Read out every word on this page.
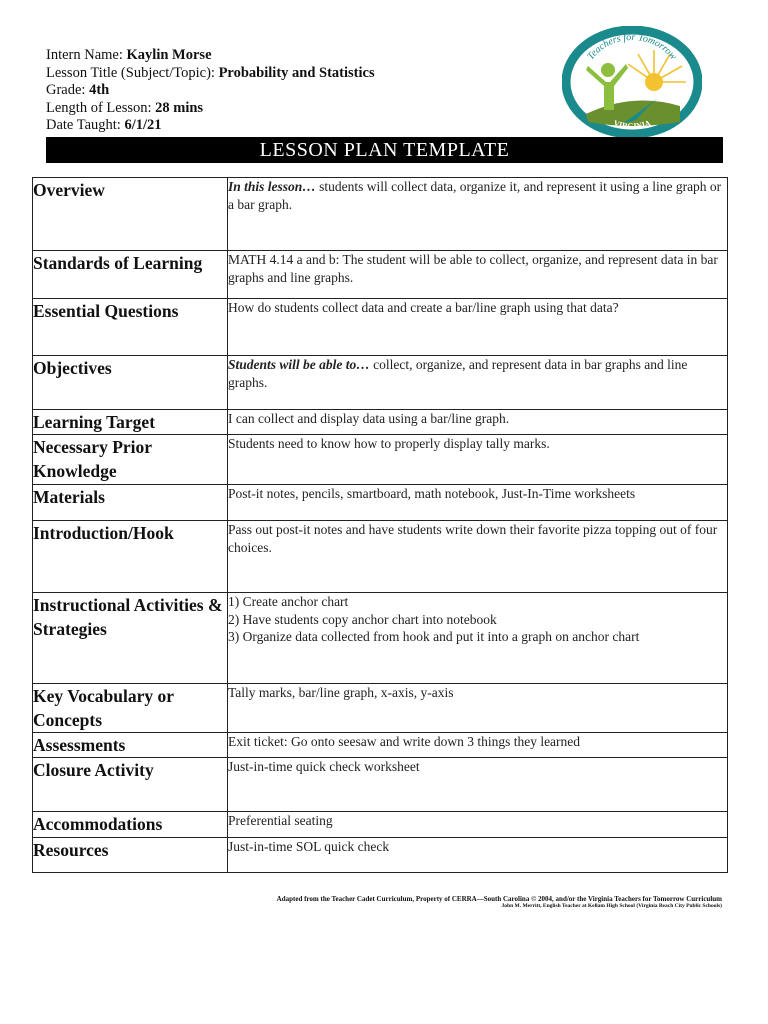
Intern Name: Kaylin Morse
Lesson Title (Subject/Topic): Probability and Statistics
Grade: 4th
Length of Lesson: 28 mins
Date Taught: 6/1/21
Teachers for Tomorrow
VIRGINIA
LESSON PLAN TEMPLATE
Overview	In this lesson… students will collect data, organize it, and represent it using a line graph or a bar graph.
Standards of Learning	MATH 4.14 a and b: The student will be able to collect, organize, and represent data in bar graphs and line graphs.
Essential Questions	How do students collect data and create a bar/line graph using that data?
Objectives	Students will be able to… collect, organize, and represent data in bar graphs and line graphs.
Learning Target	I can collect and display data using a bar/line graph.
Necessary Prior Knowledge	Students need to know how to properly display tally marks.
Materials	Post-it notes, pencils, smartboard, math notebook, Just-In-Time worksheets
Introduction/Hook	Pass out post-it notes and have students write down their favorite pizza topping out of four choices.
Instructional Activities & Strategies	1) Create anchor chart
2) Have students copy anchor chart into notebook
3) Organize data collected from hook and put it into a graph on anchor chart

Key Vocabulary or Concepts	Tally marks, bar/line graph, x-axis, y-axis
Assessments	Exit ticket: Go onto seesaw and write down 3 things they learned
Closure Activity	Just-in-time quick check worksheet
Accommodations	Preferential seating
Resources	Just-in-time SOL quick check
Adapted from the Teacher Cadet Curriculum, Property of CERRA—South Carolina © 2004, and/or the Virginia Teachers for Tomorrow Curriculum
John M. Merritt, English Teacher at Kellam High School (Virginia Beach City Public Schools)
